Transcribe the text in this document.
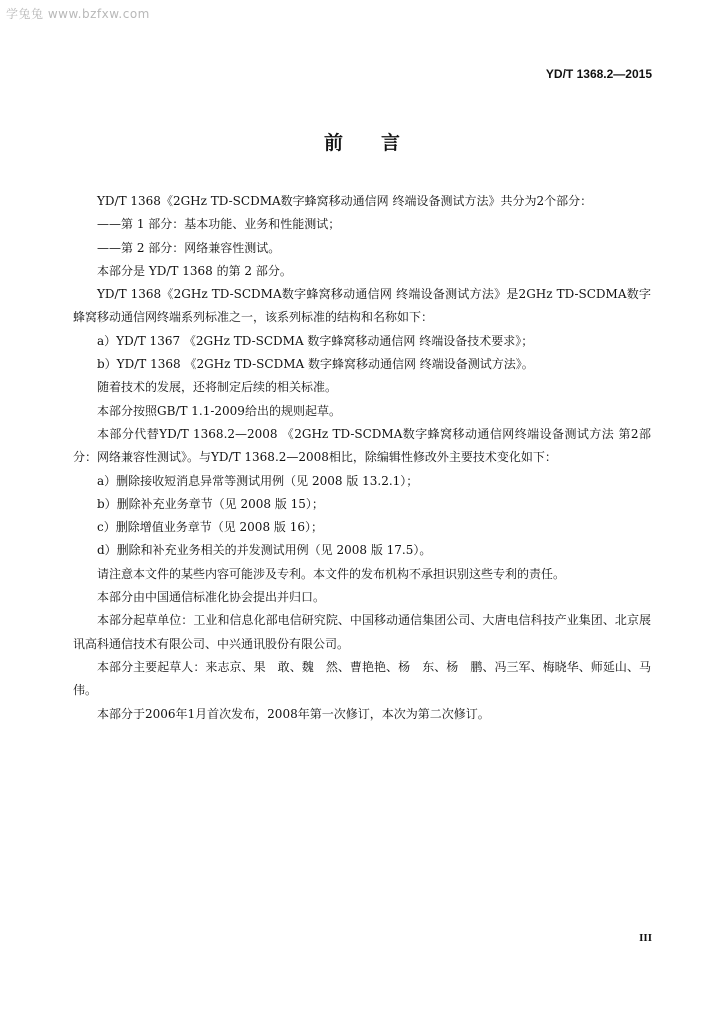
学兔兔 www.bzfxw.com
YD/T 1368.2—2015
前言

YD/T 1368《2GHz TD-SCDMA数字蜂窝移动通信网 终端设备测试方法》共分为2个部分：

——第 1 部分：基本功能、业务和性能测试；

——第 2 部分：网络兼容性测试。

本部分是 YD/T 1368 的第 2 部分。

YD/T 1368《2GHz TD-SCDMA数字蜂窝移动通信网 终端设备测试方法》是2GHz TD-SCDMA数字蜂窝移动通信网终端系列标准之一，该系列标准的结构和名称如下：

a）YD/T 1367 《2GHz TD-SCDMA 数字蜂窝移动通信网 终端设备技术要求》；

b）YD/T 1368 《2GHz TD-SCDMA 数字蜂窝移动通信网 终端设备测试方法》。

随着技术的发展，还将制定后续的相关标准。

本部分按照GB/T 1.1-2009给出的规则起草。

本部分代替YD/T 1368.2—2008 《2GHz TD-SCDMA数字蜂窝移动通信网终端设备测试方法 第2部分：网络兼容性测试》。与YD/T 1368.2—2008相比，除编辑性修改外主要技术变化如下：

a）删除接收短消息异常等测试用例（见 2008 版 13.2.1）；

b）删除补充业务章节（见 2008 版 15）；

c）删除增值业务章节（见 2008 版 16）；

d）删除和补充业务相关的并发测试用例（见 2008 版 17.5）。

请注意本文件的某些内容可能涉及专利。本文件的发布机构不承担识别这些专利的责任。

本部分由中国通信标准化协会提出并归口。

本部分起草单位：工业和信息化部电信研究院、中国移动通信集团公司、大唐电信科技产业集团、北京展讯高科通信技术有限公司、中兴通讯股份有限公司。

本部分主要起草人：来志京、果　敢、魏　然、曹艳艳、杨　东、杨　鹏、冯三军、梅晓华、师延山、马　伟。

本部分于2006年1月首次发布，2008年第一次修订，本次为第二次修订。

III
